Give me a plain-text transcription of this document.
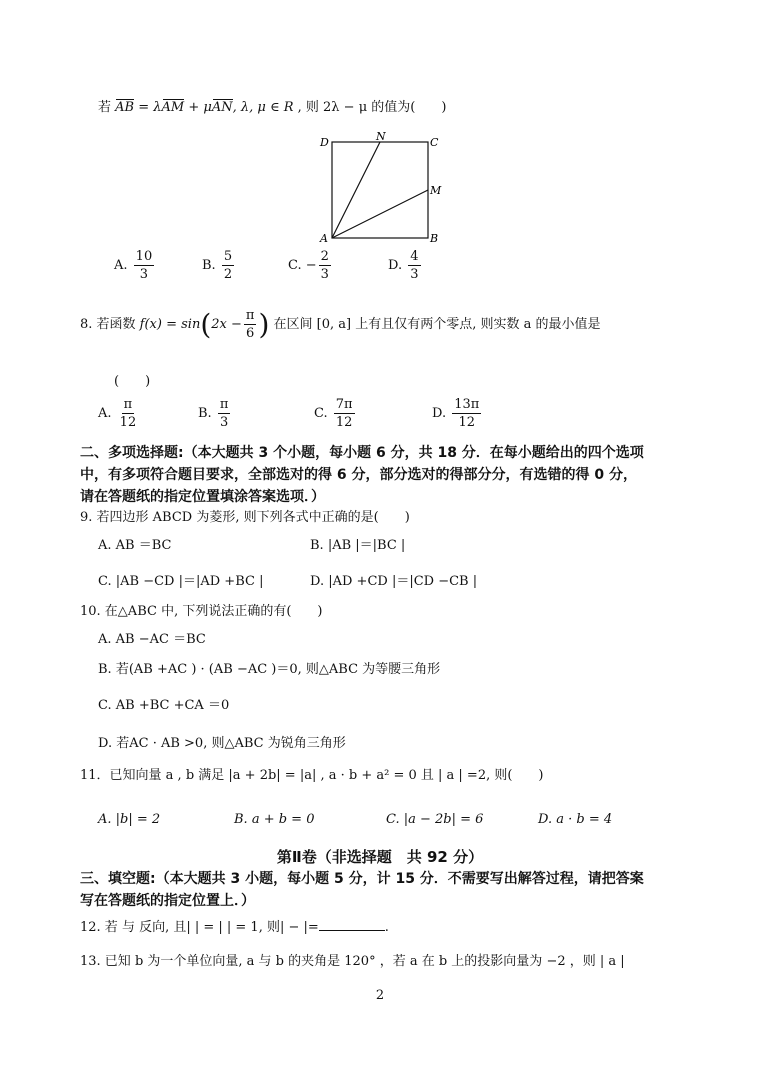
若 AB = λAM + μAN, λ, μ ∈ R , 则 2λ − μ 的值为(　　)
D	N	C
M
A	B
A. $\frac{10}{3}$	B. $\frac{5}{2}$	C. − $\frac{2}{3}$	D. $\frac{4}{3}$
8. 若函数 $f(x) = \sin(2x - \frac{\pi}{6}$ ) 在区间 [0, a] 上有且仅有两个零点, 则实数 a 的最小值是
(　　)
A. $\frac{\pi}{12}$	B. $\frac{\pi}{3}$	C. $\frac{7\pi}{12}$	D. $\frac{13\pi}{12}$
二、多项选择题:（本大题共 3 个小题，每小题 6 分，共 18 分．在每小题给出的四个选项
中，有多项符合题目要求，全部选对的得 6 分，部分选对的得部分分，有选错的得 0 分，
请在答题纸的指定位置填涂答案选项．）
9. 若四边形 ABCD 为菱形, 则下列各式中正确的是(　　)
A. AB ＝BC	B. |AB |＝|BC |
C. |AB −CD |＝|AD +BC |	D. |AD +CD |＝|CD −CB |
10. 在△ABC 中, 下列说法正确的有(　　)
A. AB −AC ＝BC
B. 若(AB +AC ) · (AB −AC )＝0, 则△ABC 为等腰三角形
C. AB +BC +CA ＝0
D. 若AC · AB >0, 则△ABC 为锐角三角形
11．已知向量 a , b 满足 |a + 2b| = |a| , a · b + a² = 0 且 | a | =2, 则(　　)
A. |b| = 2	B. a + b = 0	C. |a − 2b| = 6	D. a · b = 4
第Ⅱ卷（非选择题　共 92 分）
三、填空题:（本大题共 3 小题，每小题 5 分，计 15 分．不需要写出解答过程，请把答案
写在答题纸的指定位置上．）
12. 若 与 反向, 且| | = | | = 1, 则| − |=	.
13. 已知 b 为一个单位向量, a 与 b 的夹角是 120° ，若 a 在 b 上的投影向量为 −2 ，则 | a |
2
